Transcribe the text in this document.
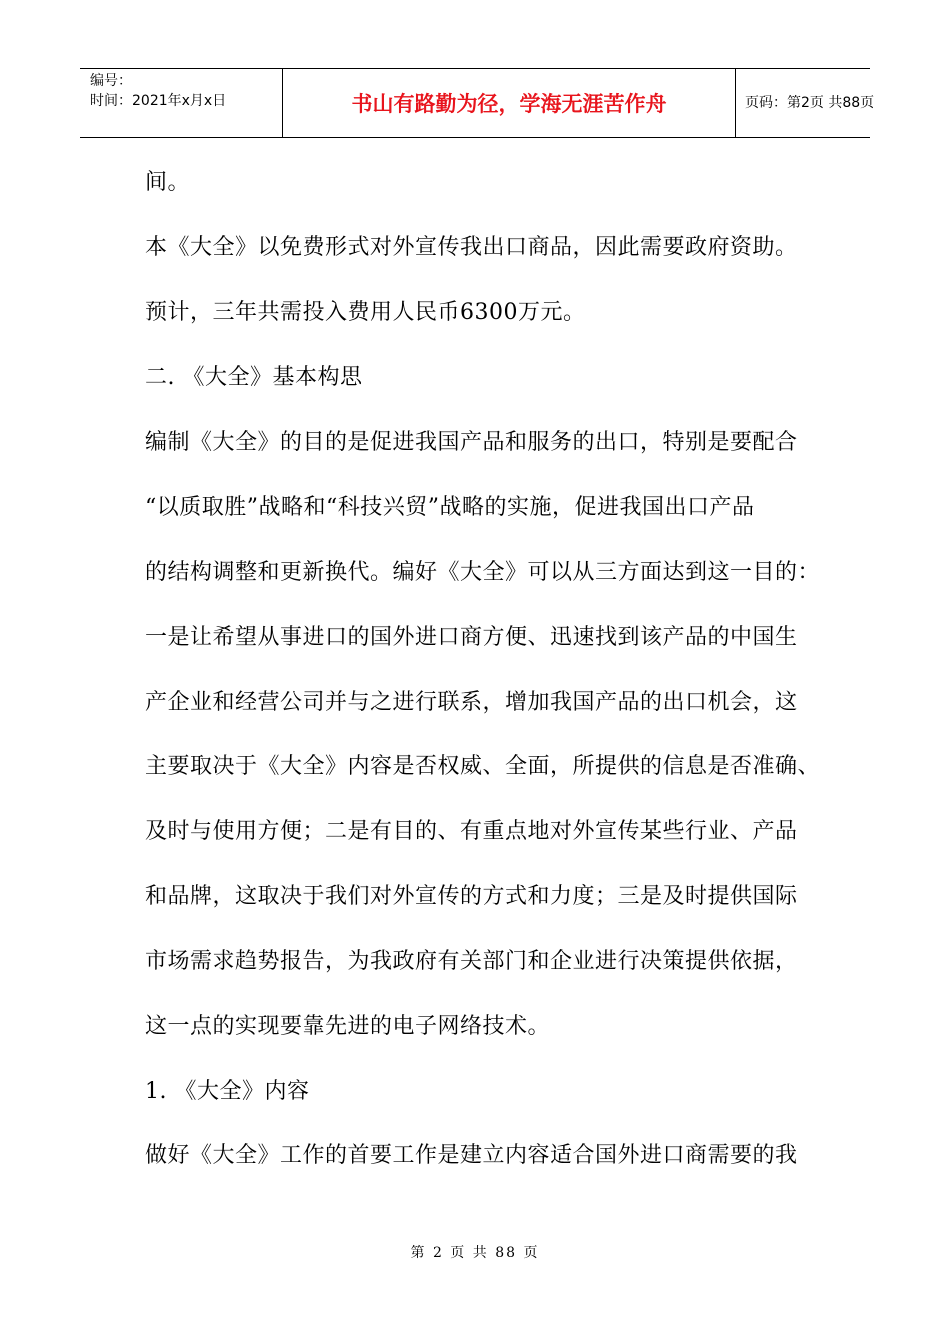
编号：
时间：2021年x月x日	书山有路勤为径，学海无涯苦作舟	页码：第2页 共88页
间。
本《大全》以免费形式对外宣传我出口商品，因此需要政府资助。
预计，三年共需投入费用人民币6300万元。
二. 《大全》基本构思
编制《大全》的目的是促进我国产品和服务的出口，特别是要配合
“以质取胜”战略和“科技兴贸”战略的实施，促进我国出口产品
的结构调整和更新换代。编好《大全》可以从三方面达到这一目的：
一是让希望从事进口的国外进口商方便、迅速找到该产品的中国生
产企业和经营公司并与之进行联系，增加我国产品的出口机会，这
主要取决于《大全》内容是否权威、全面，所提供的信息是否准确、
及时与使用方便；二是有目的、有重点地对外宣传某些行业、产品
和品牌，这取决于我们对外宣传的方式和力度；三是及时提供国际
市场需求趋势报告，为我政府有关部门和企业进行决策提供依据，
这一点的实现要靠先进的电子网络技术。
1. 《大全》内容
做好《大全》工作的首要工作是建立内容适合国外进口商需要的我
第 2 页 共 88 页
